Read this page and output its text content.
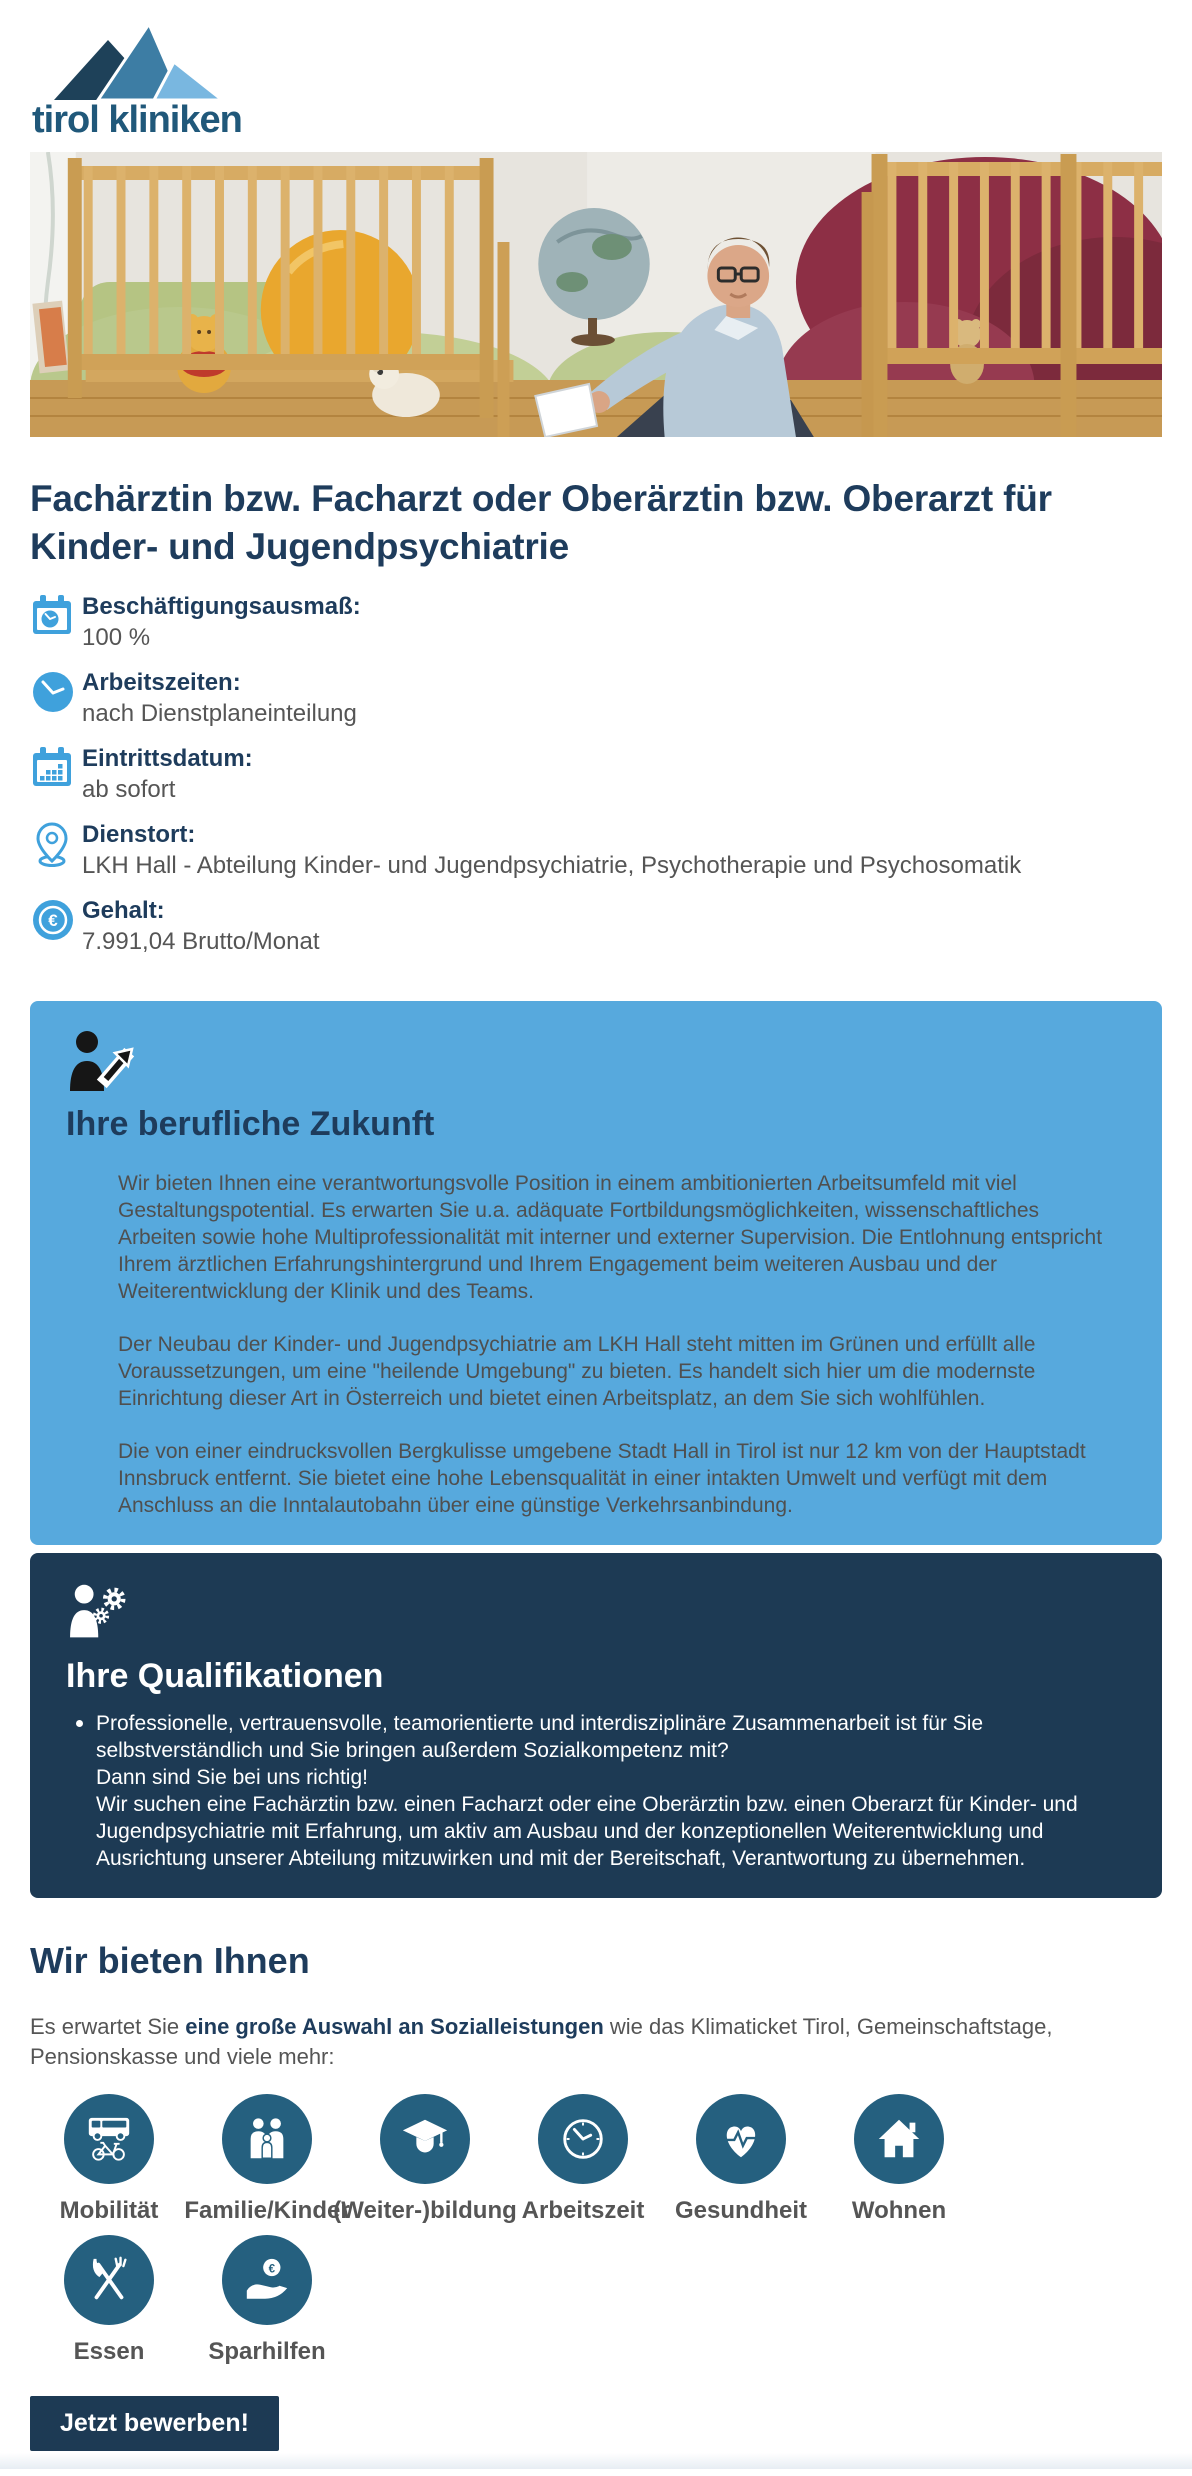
tirol kliniken
Fachärztin bzw. Facharzt oder Oberärztin bzw. Oberarzt für Kinder- und Jugendpsychiatrie
Beschäftigungsausmaß:
100 %
Arbeitszeiten:
nach Dienstplaneinteilung
Eintrittsdatum:
ab sofort
Dienstort:
LKH Hall - Abteilung Kinder- und Jugendpsychiatrie, Psychotherapie und Psychosomatik
€ Gehalt:
7.991,04 Brutto/Monat
Ihre berufliche Zukunft

Wir bieten Ihnen eine verantwortungsvolle Position in einem ambitionierten Arbeitsumfeld mit viel Gestaltungspotential. Es erwarten Sie u.a. adäquate Fortbildungsmöglichkeiten, wissenschaftliches Arbeiten sowie hohe Multiprofessionalität mit interner und externer Supervision. Die Entlohnung entspricht Ihrem ärztlichen Erfahrungshintergrund und Ihrem Engagement beim weiteren Ausbau und der Weiterentwicklung der Klinik und des Teams.

Der Neubau der Kinder- und Jugendpsychiatrie am LKH Hall steht mitten im Grünen und erfüllt alle Voraussetzungen, um eine "heilende Umgebung" zu bieten. Es handelt sich hier um die modernste Einrichtung dieser Art in Österreich und bietet einen Arbeitsplatz, an dem Sie sich wohlfühlen.

Die von einer eindrucksvollen Bergkulisse umgebene Stadt Hall in Tirol ist nur 12 km von der Hauptstadt Innsbruck entfernt. Sie bietet eine hohe Lebensqualität in einer intakten Umwelt und verfügt mit dem Anschluss an die Inntalautobahn über eine günstige Verkehrsanbindung.

Ihre Qualifikationen
Professionelle, vertrauensvolle, teamorientierte und interdisziplinäre Zusammenarbeit ist für Sie selbstverständlich und Sie bringen außerdem Sozialkompetenz mit?
Dann sind Sie bei uns richtig!
Wir suchen eine Fachärztin bzw. einen Facharzt oder eine Oberärztin bzw. einen Oberarzt für Kinder- und Jugendpsychiatrie mit Erfahrung, um aktiv am Ausbau und der konzeptionellen Weiterentwicklung und Ausrichtung unserer Abteilung mitzuwirken und mit der Bereitschaft, Verantwortung zu übernehmen.
Wir bieten Ihnen

Es erwartet Sie eine große Auswahl an Sozialleistungen wie das Klimaticket Tirol, Gemeinschaftstage, Pensionskasse und viele mehr:

Mobilität Familie/Kinder
(Weiter-)bildung Arbeitszeit Gesundheit Wohnen
Essen
€
Sparhilfen
Jetzt bewerben!
